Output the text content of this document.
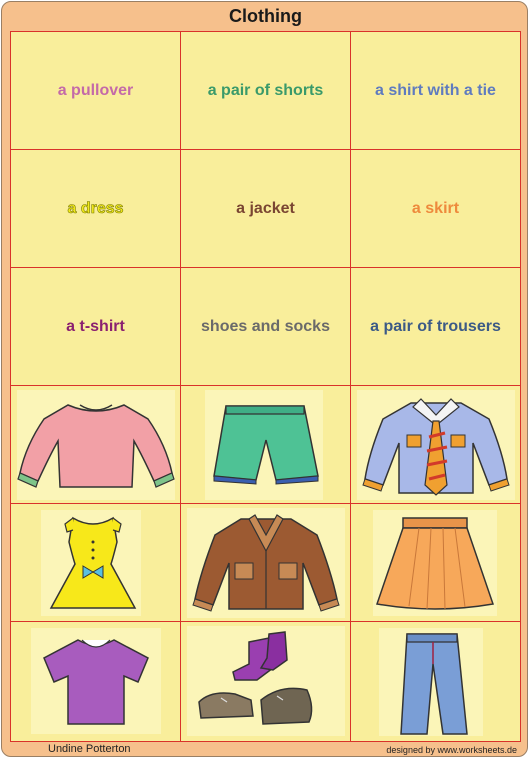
Clothing
a pullover	a pair of shorts	a shirt with a tie
a dress	a jacket	a skirt
a t-shirt	shoes and socks	a pair of trousers
Undine Potterton	designed by www.worksheets.de
